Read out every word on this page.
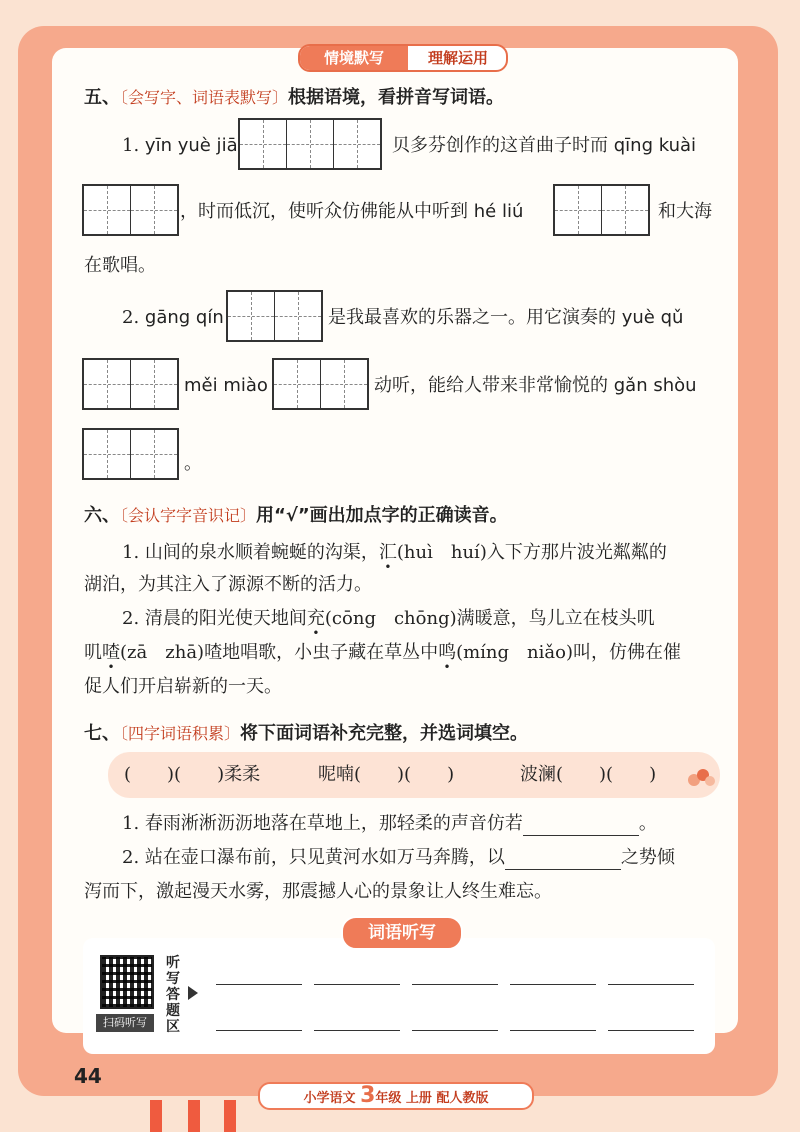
情境默写	理解运用
五、〔会写字、词语表默写〕根据语境，看拼音写词语。
1. yīn yuè jiā	贝多芬创作的这首曲子时而 qīng kuài
，时而低沉，使听众仿佛能从中听到 hé liú	和大海
在歌唱。
2. gāng qín	是我最喜欢的乐器之一。用它演奏的 yuè qǔ
měi miào	动听，能给人带来非常愉悦的 gǎn shòu
。
六、〔会认字字音识记〕用“√”画出加点字的正确读音。
1. 山间的泉水顺着蜿蜒的沟渠，汇(huì　huí)入下方那片波光粼粼的
湖泊，为其注入了源源不断的活力。
2. 清晨的阳光使天地间充(cōng　chōng)满暖意，鸟儿立在枝头叽
叽喳(zā　zhā)喳地唱歌，小虫子藏在草丛中鸣(míng　niǎo)叫，仿佛在催
促人们开启崭新的一天。
七、〔四字词语积累〕将下面词语补充完整，并选词填空。
(　　)(　　)柔柔	呢喃(　　)(　　)	波澜(　　)(　　)
1. 春雨淅淅沥沥地落在草地上，那轻柔的声音仿若	。
2. 站在壶口瀑布前，只见黄河水如万马奔腾，以	之势倾
泻而下，激起漫天水雾，那震撼人心的景象让人终生难忘。
词语听写
扫码听写
听写答题区
44
小学语文 3年级 上册 配人教版
